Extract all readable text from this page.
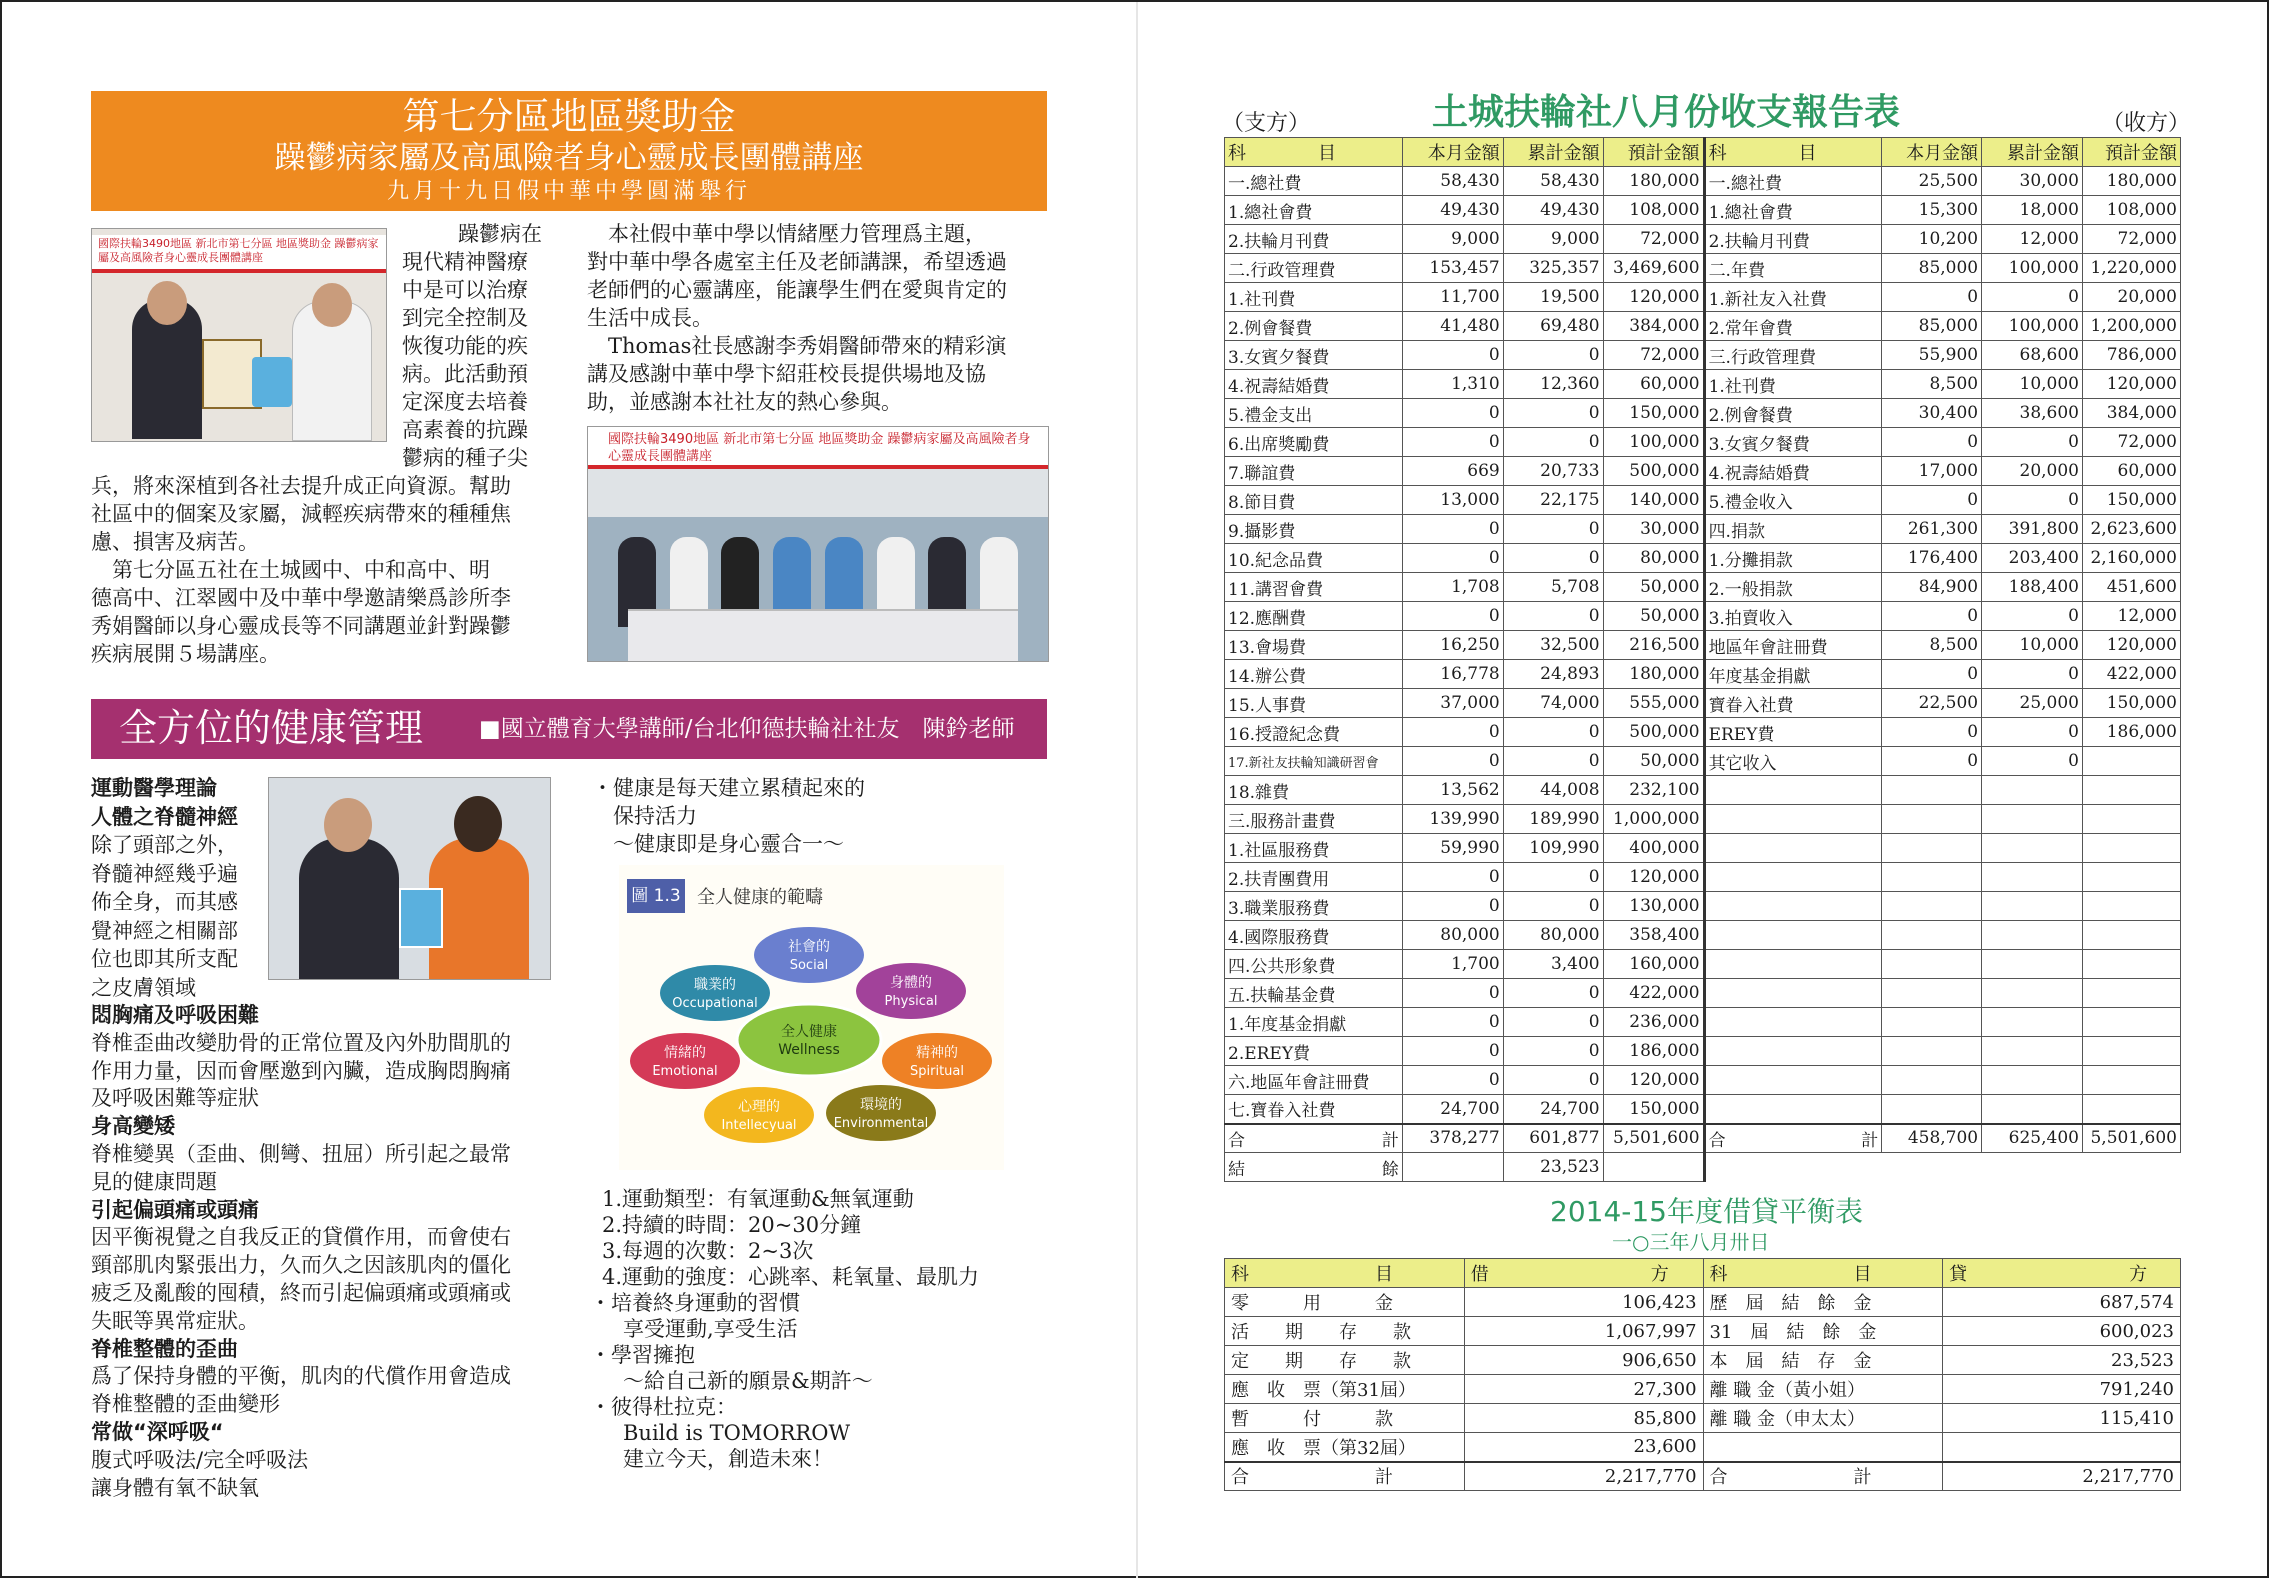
第七分區地區獎助金
躁鬱病家屬及高風險者身心靈成長團體講座
九月十九日假中華中學圓滿舉行
國際扶輪3490地區 新北市第七分區 地區獎助金 躁鬱病家屬及高風險者身心靈成長團體講座
躁鬱病在
現代精神醫療
中是可以治療
到完全控制及
恢復功能的疾
病。此活動預
定深度去培養
高素養的抗躁
鬱病的種子尖
兵，將來深植到各社去提升成正向資源。幫助
社區中的個案及家屬，減輕疾病帶來的種種焦
慮、損害及病苦。
　第七分區五社在土城國中、中和高中、明
德高中、江翠國中及中華中學邀請樂爲診所李
秀娟醫師以身心靈成長等不同講題並針對躁鬱
疾病展開５場講座。
　本社假中華中學以情緒壓力管理爲主題，
對中華中學各處室主任及老師講課，希望透過
老師們的心靈講座，能讓學生們在愛與肯定的
生活中成長。
　Thomas社長感謝李秀娟醫師帶來的精彩演
講及感謝中華中學卞紹莊校長提供場地及協
助，並感謝本社社友的熱心參與。
國際扶輪3490地區 新北市第七分區 地區獎助金 躁鬱病家屬及高風險者身心靈成長團體講座
全方位的健康管理 ■國立體育大學講師/台北仰德扶輪社社友　陳鈐老師
運動醫學理論
人體之脊髓神經
除了頭部之外，
脊髓神經幾乎遍
佈全身，而其感
覺神經之相關部
位也即其所支配
之皮膚領域
悶胸痛及呼吸困難
脊椎歪曲改變肋骨的正常位置及內外肋間肌的
作用力量，因而會壓邀到內臟，造成胸悶胸痛
及呼吸困難等症狀
身高變矮
脊椎變異（歪曲、側彎、扭屈）所引起之最常
見的健康問題
引起偏頭痛或頭痛
因平衡視覺之自我反正的貸償作用，而會使右
頸部肌肉緊張出力，久而久之因該肌肉的僵化
疲乏及亂酸的囤積，終而引起偏頭痛或頭痛或
失眠等異常症狀。
脊椎整體的歪曲
爲了保持身體的平衡，肌肉的代償作用會造成
脊椎整體的歪曲變形
常做“深呼吸“
腹式呼吸法/完全呼吸法
讓身體有氧不缺氧
・健康是每天建立累積起來的
　保持活力
　～健康即是身心靈合一～
圖 1.3 全人健康的範疇
社會的
Social
身體的
Physical
精神的
Spiritual
環境的
Environmental
心理的
Intellecyual
情緒的
Emotional
職業的
Occupational
全人健康
Wellness
1.運動類型：有氧運動&無氧運動
2.持續的時間：20~30分鐘
3.每週的次數：2~3次
4.運動的強度：心跳率、耗氧量、最肌力
・培養終身運動的習慣
　享受運動,享受生活
・學習擁抱
　～給自己新的願景&期許～
・彼得杜拉克：
　Build is TOMORROW
　建立今天，創造未來！
（支方）	土城扶輪社八月份收支報告表	（收方）
科　　　　目	本月金額	累計金額	預計金額	科　　　　目	本月金額	累計金額	預計金額
一.總社費	58,430	58,430	180,000	一.總社費	25,500	30,000	180,000
1.總社會費	49,430	49,430	108,000	1.總社會費	15,300	18,000	108,000
2.扶輪月刊費	9,000	9,000	72,000	2.扶輪月刊費	10,200	12,000	72,000
二.行政管理費	153,457	325,357	3,469,600	二.年費	85,000	100,000	1,220,000
1.社刊費	11,700	19,500	120,000	1.新社友入社費	0	0	20,000
2.例會餐費	41,480	69,480	384,000	2.常年會費	85,000	100,000	1,200,000
3.女賓夕餐費	0	0	72,000	三.行政管理費	55,900	68,600	786,000
4.祝壽結婚費	1,310	12,360	60,000	1.社刊費	8,500	10,000	120,000
5.禮金支出	0	0	150,000	2.例會餐費	30,400	38,600	384,000
6.出席獎勵費	0	0	100,000	3.女賓夕餐費	0	0	72,000
7.聯誼費	669	20,733	500,000	4.祝壽結婚費	17,000	20,000	60,000
8.節目費	13,000	22,175	140,000	5.禮金收入	0	0	150,000
9.攝影費	0	0	30,000	四.捐款	261,300	391,800	2,623,600
10.紀念品費	0	0	80,000	1.分攤捐款	176,400	203,400	2,160,000
11.講習會費	1,708	5,708	50,000	2.一般捐款	84,900	188,400	451,600
12.應酬費	0	0	50,000	3.拍賣收入	0	0	12,000
13.會場費	16,250	32,500	216,500	地區年會註冊費	8,500	10,000	120,000
14.辦公費	16,778	24,893	180,000	年度基金捐獻	0	0	422,000
15.人事費	37,000	74,000	555,000	寶眷入社費	22,500	25,000	150,000
16.授證紀念費	0	0	500,000	EREY費	0	0	186,000
17.新社友扶輪知識研習會	0	0	50,000	其它收入	0	0	
18.雜費	13,562	44,008	232,100				
三.服務計畫費	139,990	189,990	1,000,000				
1.社區服務費	59,990	109,990	400,000				
2.扶青團費用	0	0	120,000				
3.職業服務費	0	0	130,000				
4.國際服務費	80,000	80,000	358,400				
四.公共形象費	1,700	3,400	160,000				
五.扶輪基金費	0	0	422,000				
1.年度基金捐獻	0	0	236,000				
2.EREY費	0	0	186,000				
六.地區年會註冊費	0	0	120,000				
七.寶眷入社費	24,700	24,700	150,000				

合 計	378,277	601,877	5,501,600	合 計	458,700	625,400	5,501,600

結 餘		23,523					
2014-15年度借貸平衡表
一○三年八月卅日
科　　　　　　　目	借　　　　　　　　　方	科　　　　　　　目	貸　　　　　　　　　方
零　　　用　　　金	106,423	歷　屆　結　餘　金	687,574
活　　期　　存　　款	1,067,997	31　屆　結　餘　金	600,023
定　　期　　存　　款	906,650	本　屆　結　存　金	23,523
應　收　票（第31屆）	27,300	離 職 金（黃小姐）	791,240
暫　　　付　　　款	85,800	離 職 金（申太太）	115,410
應　收　票（第32屆）	23,600		
合　　　　　　　計	2,217,770	合　　　　　　　計	2,217,770
